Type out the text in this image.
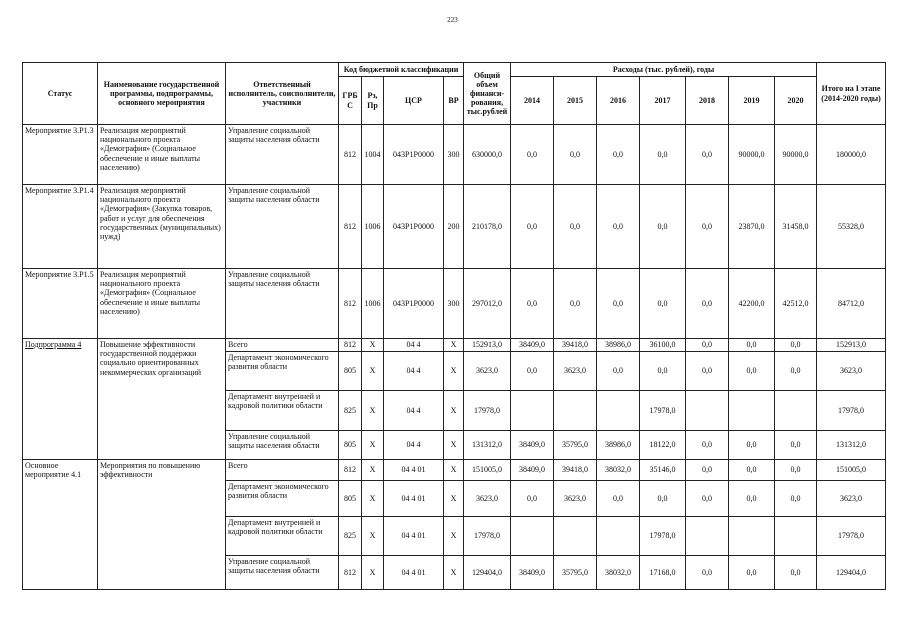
223
Статус	Наименование государственной программы, подпрограммы, основного мероприятия	Ответственный исполнитель, соисполнители, участники	Код бюджетной классификации				Общий объем финанси-рования, тыс.рублей	Расходы (тыс. рублей), годы							Итого на I этапе (2014-2020 годы)
			ГРБ С	Рз, Пр	ЦСР	ВР		2014	2015	2016	2017	2018	2019	2020	
Мероприятие 3.Р1.3	Реализация мероприятий национального проекта «Демография» (Социальное обеспечение и иные выплаты населению)	Управление социальной защиты населения области	812	1004	043Р1Р0000	300	630000,0	0,0	0,0	0,0	0,0	0,0	90000,0	90000,0	180000,0
Мероприятие 3.Р1.4	Реализация мероприятий национального проекта «Демография» (Закупка товаров, работ и услуг для обеспечения государственных (муниципальных) нужд)	Управление социальной защиты населения области	812	1006	043Р1Р0000	200	210178,0	0,0	0,0	0,0	0,0	0,0	23870,0	31458,0	55328,0
Мероприятие 3.Р1.5	Реализация мероприятий национального проекта «Демография» (Социальное обеспечение и иные выплаты населению)	Управление социальной защиты населения области	812	1006	043Р1Р0000	300	297012,0	0,0	0,0	0,0	0,0	0,0	42200,0	42512,0	84712,0
Подпрограмма 4	Повышение эффективности государственной поддержки социально ориентированных некоммерческих организаций	Всего	812	Х	04 4	Х	152913,0	38409,0	39418,0	38986,0	36100,0	0,0	0,0	0,0	152913,0
		Департамент экономического развития области	805	Х	04 4	Х	3623,0	0,0	3623,0	0,0	0,0	0,0	0,0	0,0	3623,0
		Департамент внутренней и кадровой политики области	825	Х	04 4	Х	17978,0				17978,0				17978,0
		Управление социальной защиты населения области	805	Х	04 4	Х	131312,0	38409,0	35795,0	38986,0	18122,0	0,0	0,0	0,0	131312,0
Основное мероприятие 4.1	Мероприятия по повышению эффективности	Всего	812	Х	04 4 01	Х	151005,0	38409,0	39418,0	38032,0	35146,0	0,0	0,0	0,0	151005,0
		Департамент экономического развития области	805	Х	04 4 01	Х	3623,0	0,0	3623,0	0,0	0,0	0,0	0,0	0,0	3623,0
		Департамент внутренней и кадровой политики области	825	Х	04 4 01	Х	17978,0				17978,0				17978,0
		Управление социальной защиты населения области	812	Х	04 4 01	Х	129404,0	38409,0	35795,0	38032,0	17168,0	0,0	0,0	0,0	129404,0
